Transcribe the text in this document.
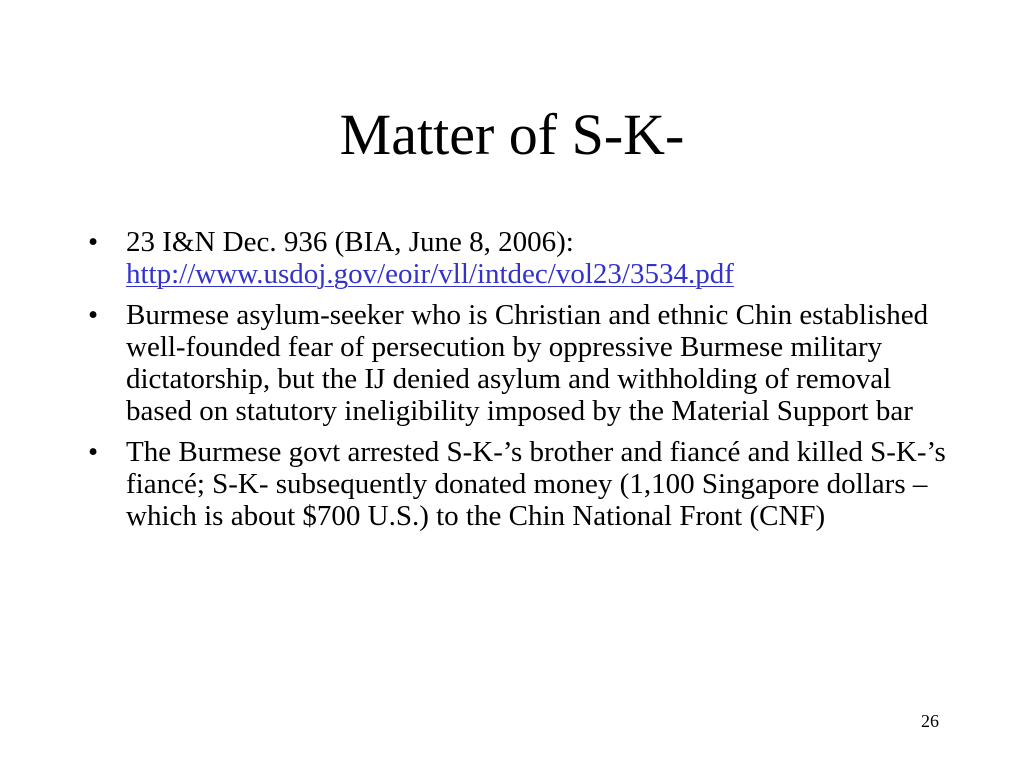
Matter of S-K-
• 23 I&N Dec. 936 (BIA, June 8, 2006):
http://www.usdoj.gov/eoir/vll/intdec/vol23/3534.pdf
• Burmese asylum-seeker who is Christian and ethnic Chin established well-founded fear of persecution by oppressive Burmese military dictatorship, but the IJ denied asylum and withholding of removal based on statutory ineligibility imposed by the Material Support bar
• The Burmese govt arrested S-K-’s brother and fiancé and killed S-K-’s fiancé; S-K- subsequently donated money (1,100 Singapore dollars – which is about $700 U.S.) to the Chin National Front (CNF)
26
